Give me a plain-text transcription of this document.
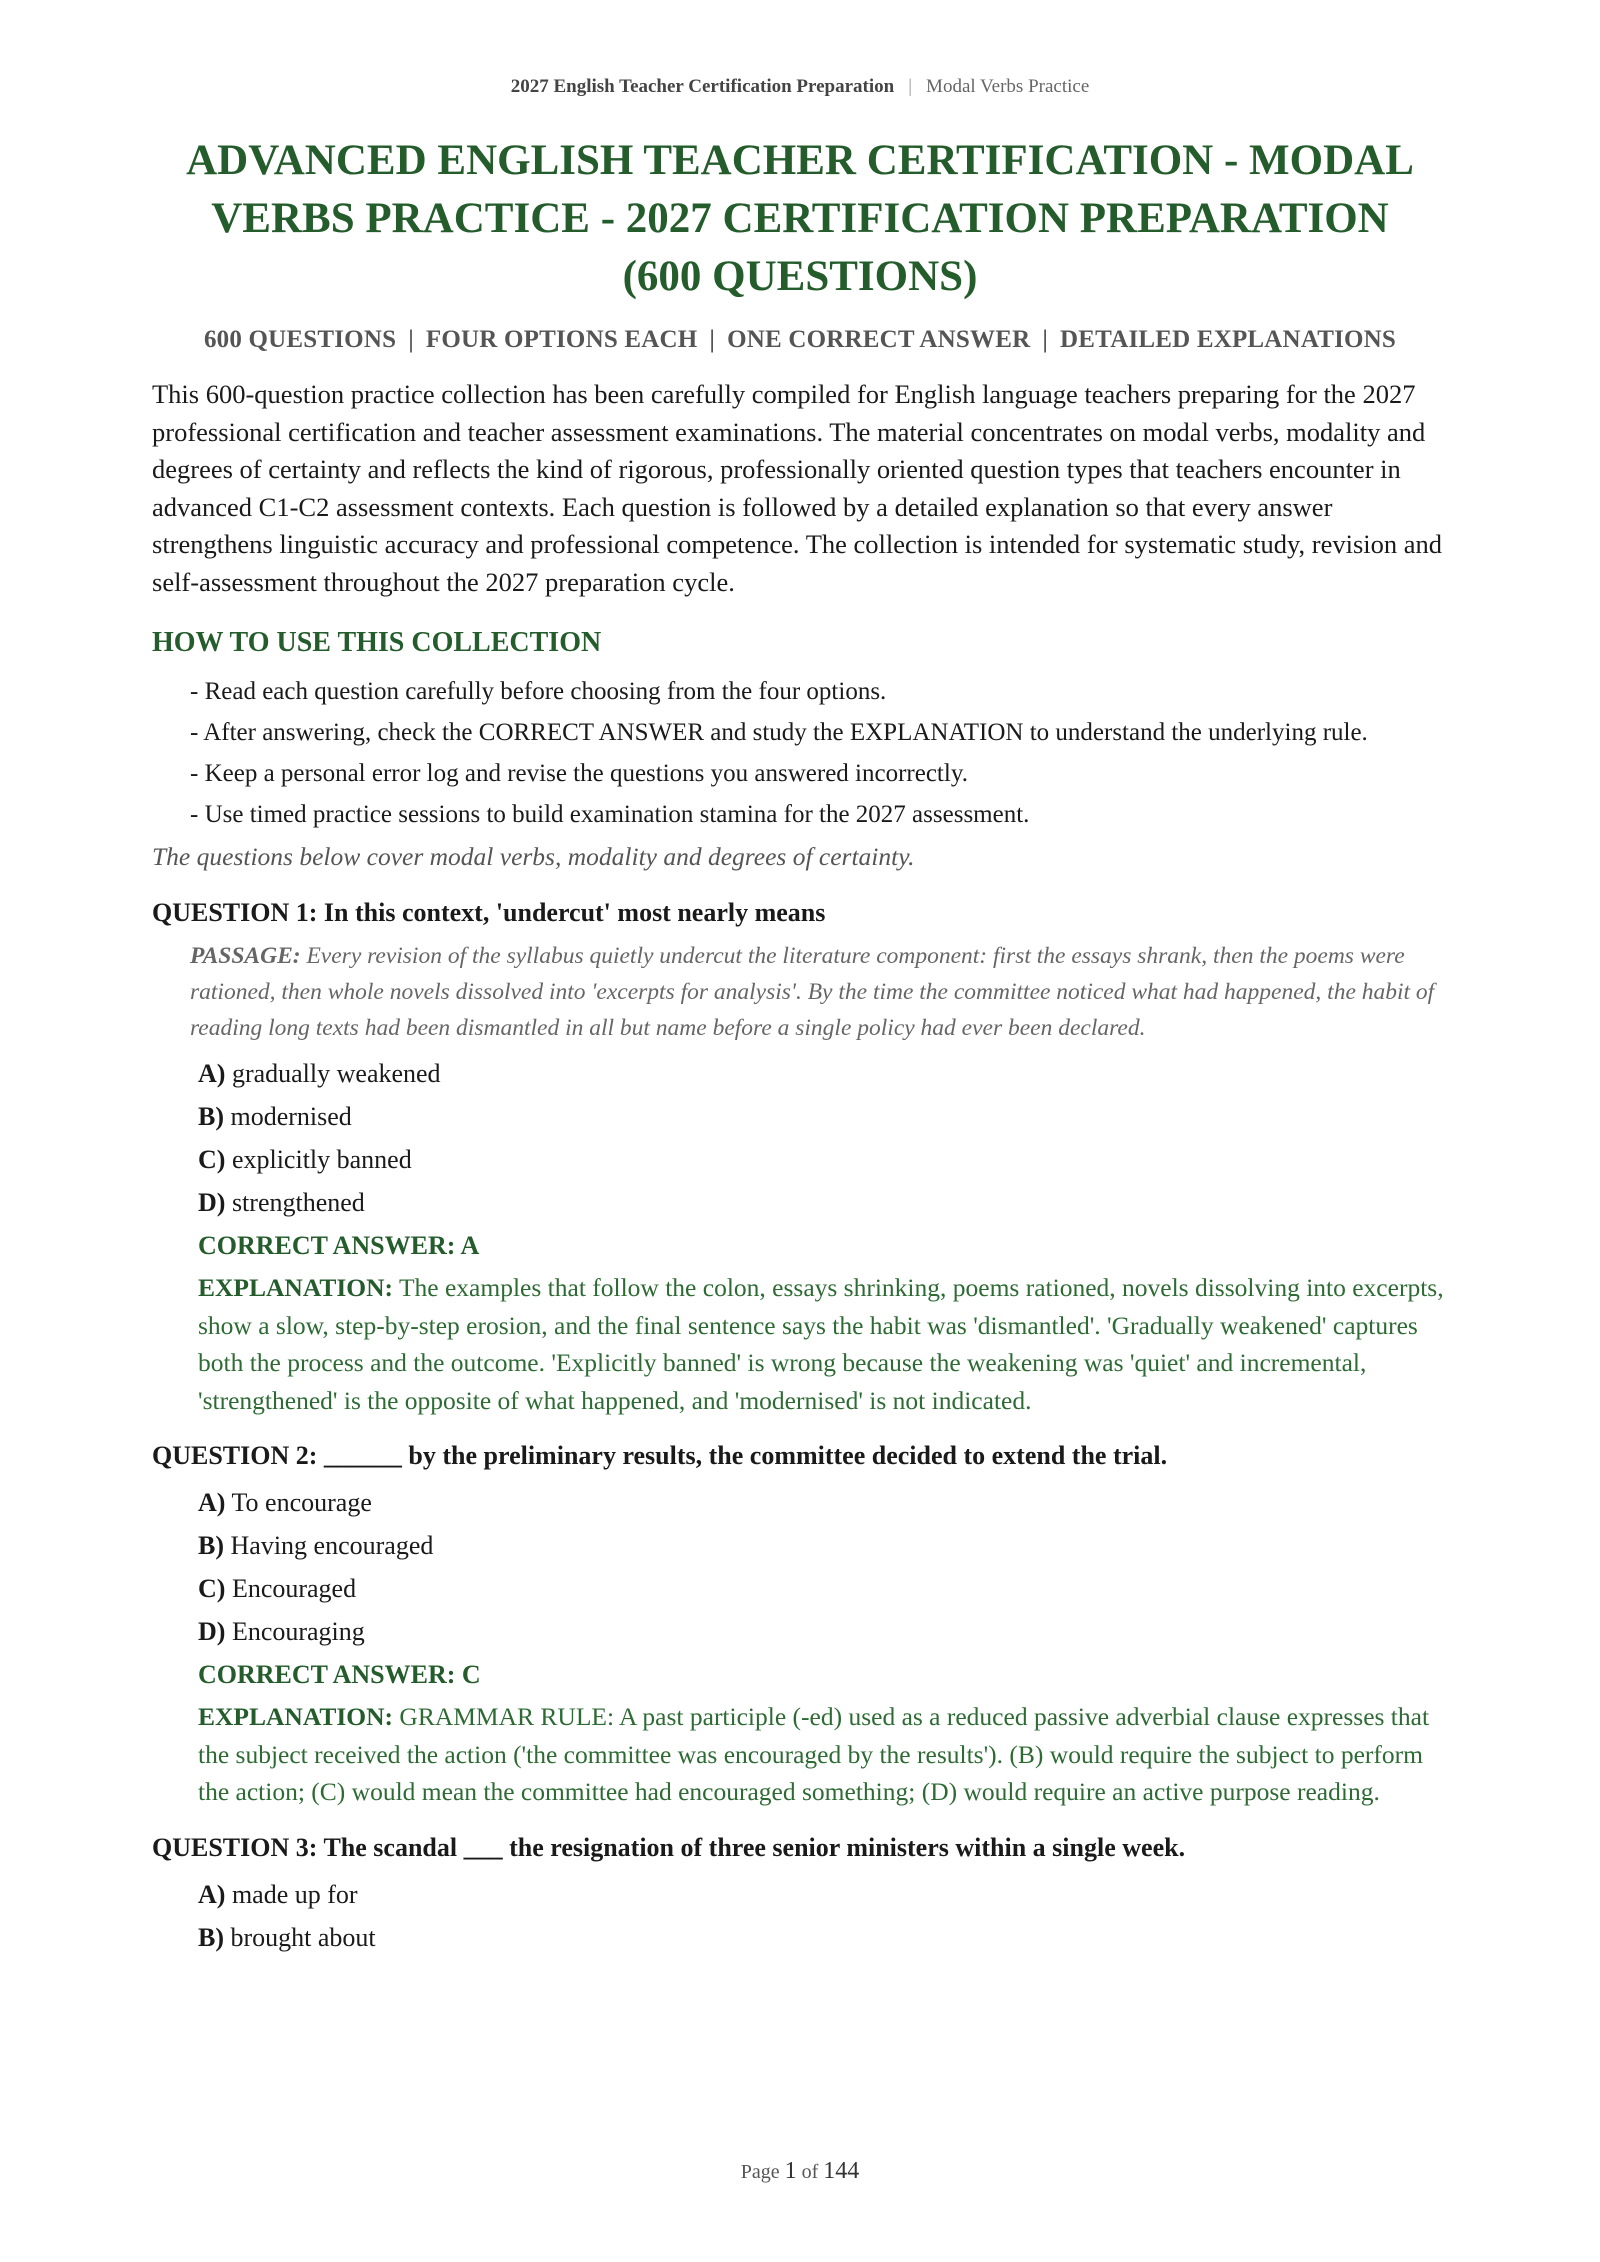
2027 English Teacher Certification Preparation | Modal Verbs Practice
ADVANCED ENGLISH TEACHER CERTIFICATION - MODAL VERBS PRACTICE - 2027 CERTIFICATION PREPARATION (600 QUESTIONS)
600 QUESTIONS | FOUR OPTIONS EACH | ONE CORRECT ANSWER | DETAILED EXPLANATIONS

This 600-question practice collection has been carefully compiled for English language teachers preparing for the 2027 professional certification and teacher assessment examinations. The material concentrates on modal verbs, modality and degrees of certainty and reflects the kind of rigorous, professionally oriented question types that teachers encounter in advanced C1-C2 assessment contexts. Each question is followed by a detailed explanation so that every answer strengthens linguistic accuracy and professional competence. The collection is intended for systematic study, revision and self-assessment throughout the 2027 preparation cycle.

HOW TO USE THIS COLLECTION
- Read each question carefully before choosing from the four options.
- After answering, check the CORRECT ANSWER and study the EXPLANATION to understand the underlying rule.
- Keep a personal error log and revise the questions you answered incorrectly.
- Use timed practice sessions to build examination stamina for the 2027 assessment.
The questions below cover modal verbs, modality and degrees of certainty.
QUESTION 1: In this context, 'undercut' most nearly means
PASSAGE: Every revision of the syllabus quietly undercut the literature component: first the essays shrank, then the poems were rationed, then whole novels dissolved into 'excerpts for analysis'. By the time the committee noticed what had happened, the habit of reading long texts had been dismantled in all but name before a single policy had ever been declared.
A) gradually weakened
B) modernised
C) explicitly banned
D) strengthened
CORRECT ANSWER: A
EXPLANATION: The examples that follow the colon, essays shrinking, poems rationed, novels dissolving into excerpts, show a slow, step-by-step erosion, and the final sentence says the habit was 'dismantled'. 'Gradually weakened' captures both the process and the outcome. 'Explicitly banned' is wrong because the weakening was 'quiet' and incremental, 'strengthened' is the opposite of what happened, and 'modernised' is not indicated.
QUESTION 2: ______ by the preliminary results, the committee decided to extend the trial.
A) To encourage
B) Having encouraged
C) Encouraged
D) Encouraging
CORRECT ANSWER: C
EXPLANATION: GRAMMAR RULE: A past participle (-ed) used as a reduced passive adverbial clause expresses that the subject received the action ('the committee was encouraged by the results'). (B) would require the subject to perform the action; (C) would mean the committee had encouraged something; (D) would require an active purpose reading.
QUESTION 3: The scandal ___ the resignation of three senior ministers within a single week.
A) made up for
B) brought about
Page 1 of 144
